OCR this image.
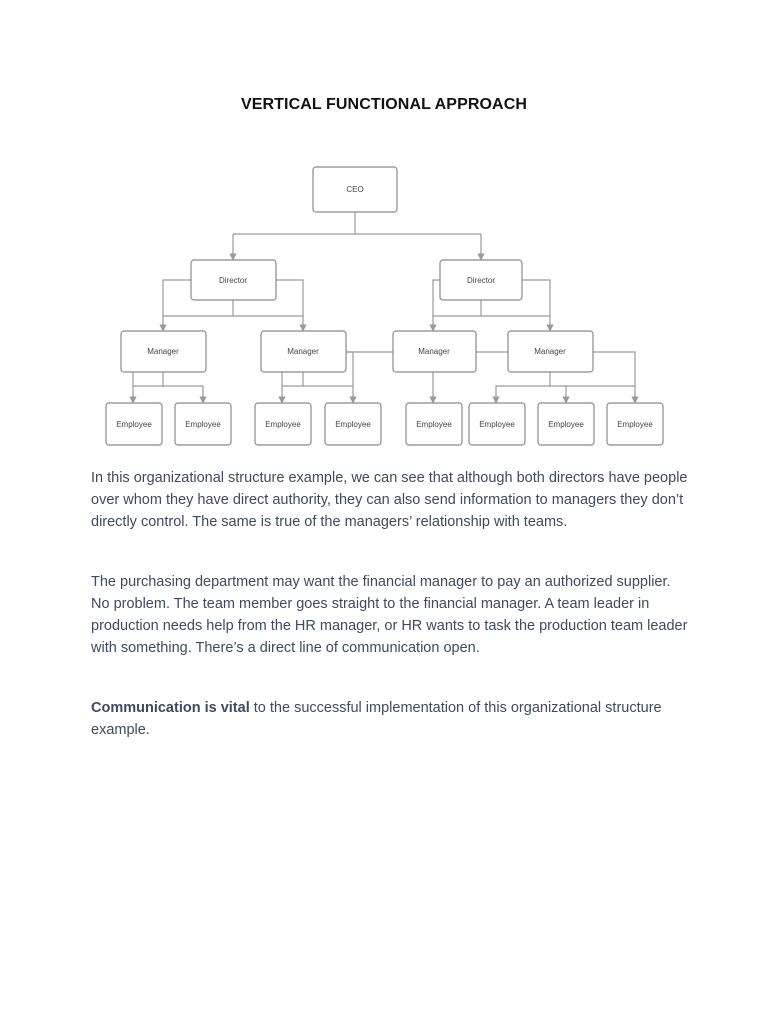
VERTICAL FUNCTIONAL APPROACH
CEO
Director	Director
Manager	Manager	Manager	Manager
Employee	Employee	Employee	Employee	Employee	Employee	Employee	Employee

In this organizational structure example, we can see that although both directors have people over whom they have direct authority, they can also send information to managers they don’t directly control. The same is true of the managers’ relationship with teams.

The purchasing department may want the financial manager to pay an authorized supplier. No problem. The team member goes straight to the financial manager. A team leader in production needs help from the HR manager, or HR wants to task the production team leader with something. There’s a direct line of communication open.

Communication is vital to the successful implementation of this organizational structure example.
